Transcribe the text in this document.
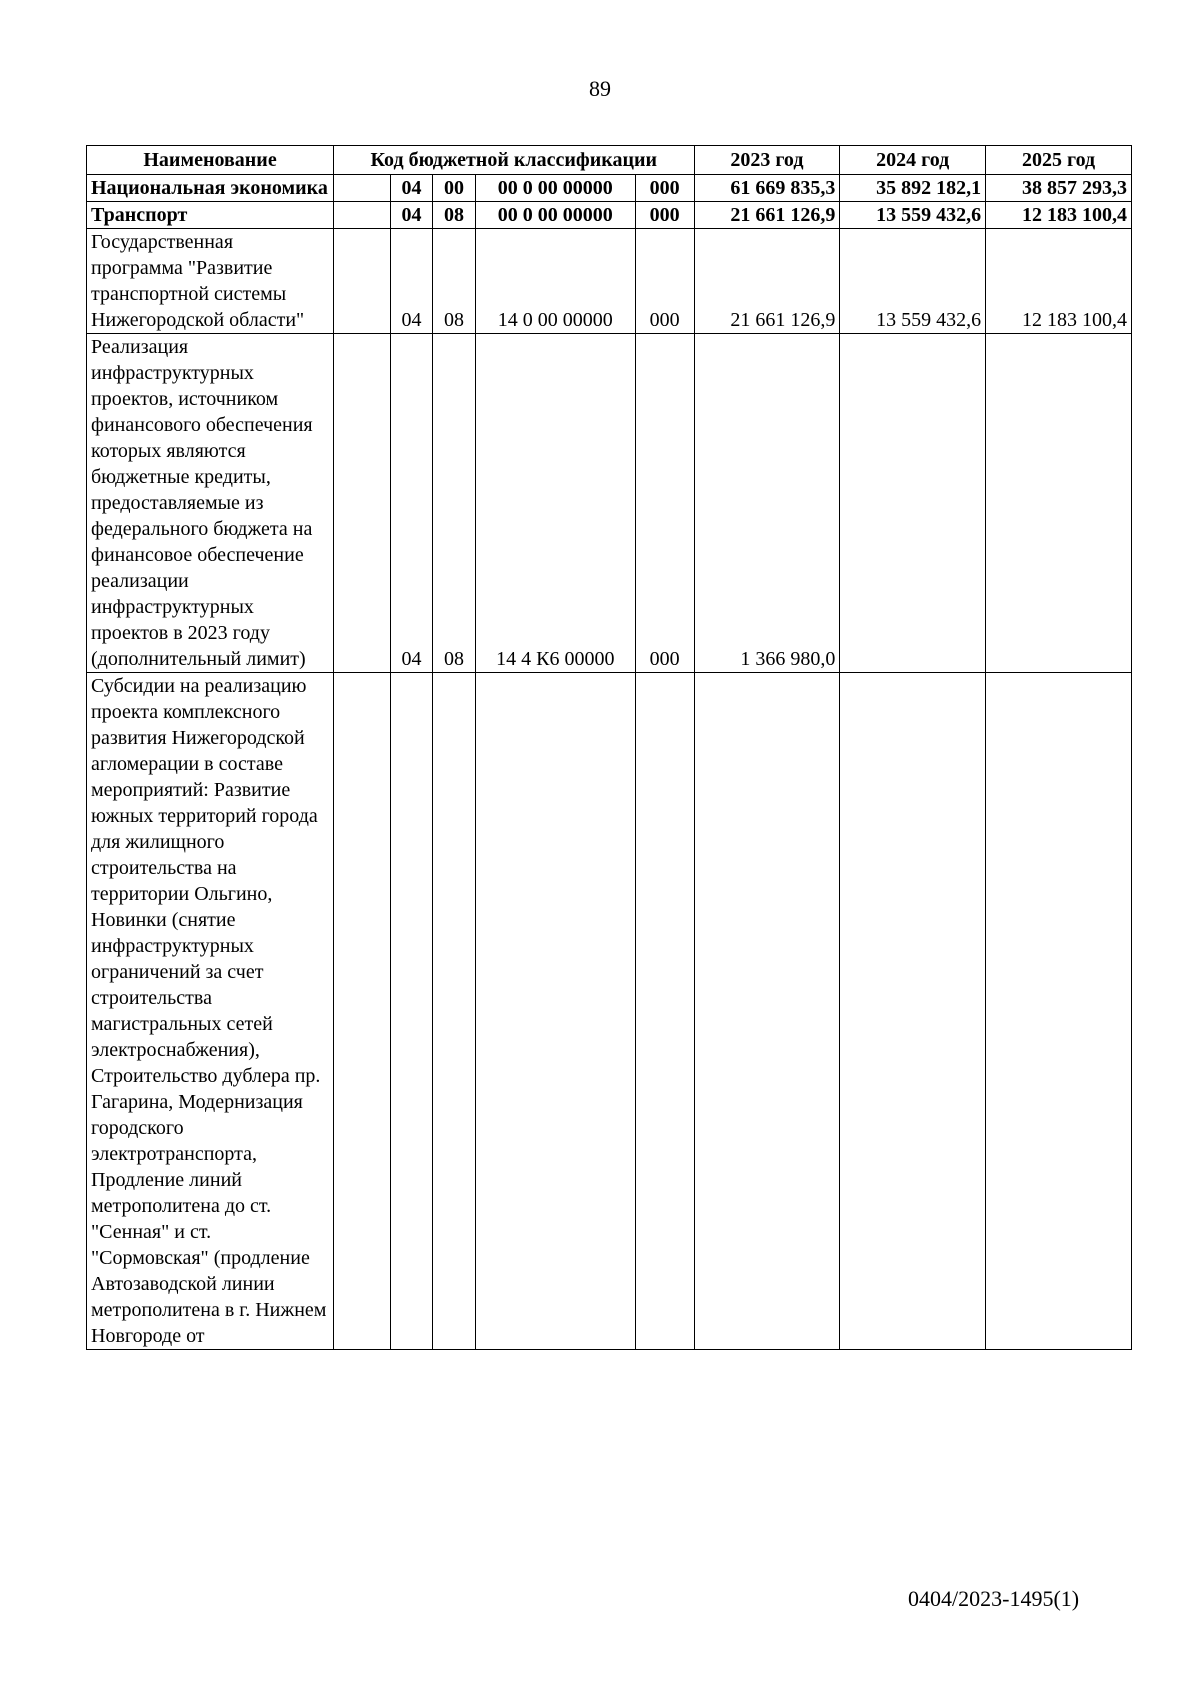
89
Наименование	Код бюджетной классификации					2023 год	2024 год	2025 год
Национальная экономика		04	00	00 0 00 00000	000	61 669 835,3	35 892 182,1	38 857 293,3
Транспорт		04	08	00 0 00 00000	000	21 661 126,9	13 559 432,6	12 183 100,4
Государственная программа "Развитие транспортной системы Нижегородской области"		04	08	14 0 00 00000	000	21 661 126,9	13 559 432,6	12 183 100,4
Реализация инфраструктурных проектов, источником финансового обеспечения которых являются бюджетные кредиты, предоставляемые из федерального бюджета на финансовое обеспечение реализации инфраструктурных проектов в 2023 году (дополнительный лимит)		04	08	14 4 К6 00000	000	1 366 980,0		
Субсидии на реализацию проекта комплексного развития Нижегородской агломерации в составе мероприятий: Развитие южных территорий города для жилищного строительства на территории Ольгино, Новинки (снятие инфраструктурных ограничений за счет строительства магистральных сетей электроснабжения), Строительство дублера пр. Гагарина, Модернизация городского электротранспорта, Продление линий метрополитена до ст. "Сенная" и ст. "Сормовская" (продление Автозаводской линии метрополитена в г. Нижнем Новгороде от								
0404/2023-1495(1)
